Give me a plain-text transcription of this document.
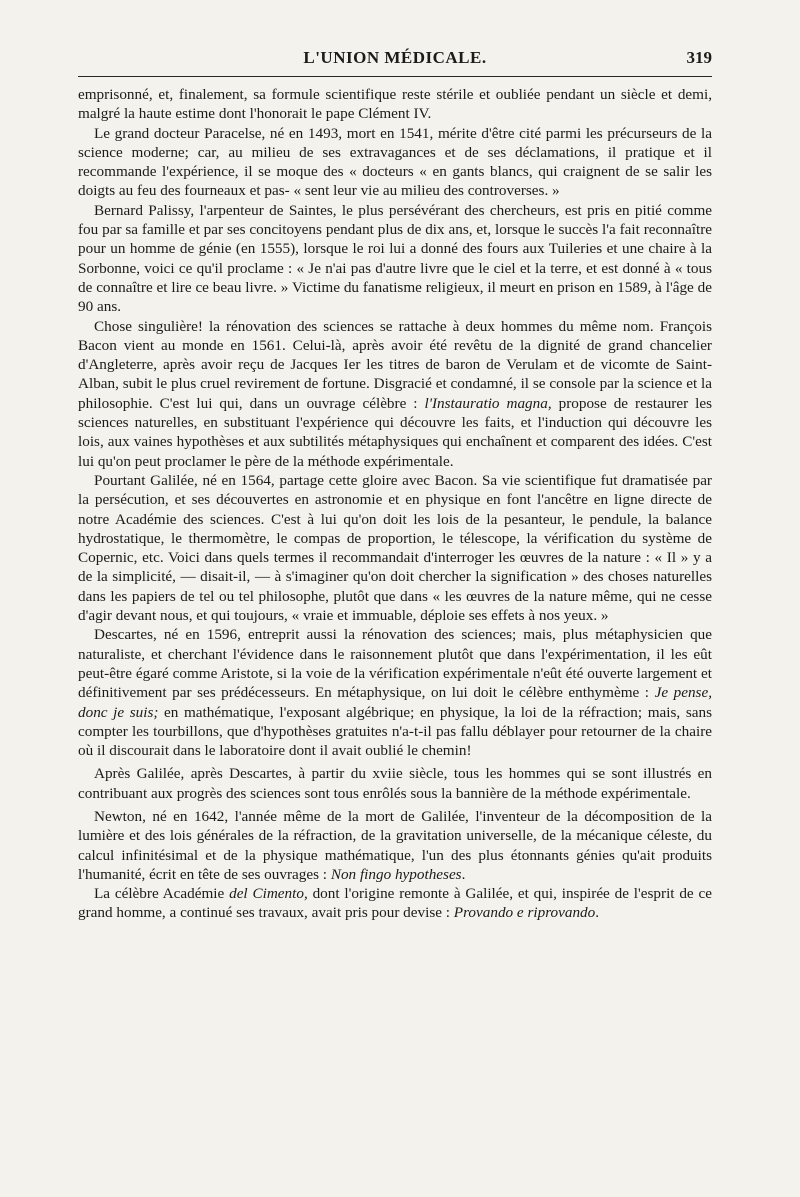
L'UNION MÉDICALE.	319

emprisonné, et, finalement, sa formule scientifique reste stérile et oubliée pendant un siècle et demi, malgré la haute estime dont l'honorait le pape Clément IV.

Le grand docteur Paracelse, né en 1493, mort en 1541, mérite d'être cité parmi les précurseurs de la science moderne; car, au milieu de ses extravagances et de ses déclamations, il pratique et il recommande l'expérience, il se moque des « docteurs « en gants blancs, qui craignent de se salir les doigts au feu des fourneaux et pas- « sent leur vie au milieu des controverses. »

Bernard Palissy, l'arpenteur de Saintes, le plus persévérant des chercheurs, est pris en pitié comme fou par sa famille et par ses concitoyens pendant plus de dix ans, et, lorsque le succès l'a fait reconnaître pour un homme de génie (en 1555), lorsque le roi lui a donné des fours aux Tuileries et une chaire à la Sorbonne, voici ce qu'il proclame : « Je n'ai pas d'autre livre que le ciel et la terre, et est donné à « tous de connaître et lire ce beau livre. » Victime du fanatisme religieux, il meurt en prison en 1589, à l'âge de 90 ans.

Chose singulière! la rénovation des sciences se rattache à deux hommes du même nom. François Bacon vient au monde en 1561. Celui-là, après avoir été revêtu de la dignité de grand chancelier d'Angleterre, après avoir reçu de Jacques Ier les titres de baron de Verulam et de vicomte de Saint-Alban, subit le plus cruel revirement de fortune. Disgracié et condamné, il se console par la science et la philosophie. C'est lui qui, dans un ouvrage célèbre : l'Instauratio magna, propose de restaurer les sciences naturelles, en substituant l'expérience qui découvre les faits, et l'induction qui découvre les lois, aux vaines hypothèses et aux subtilités métaphysiques qui enchaînent et comparent des idées. C'est lui qu'on peut proclamer le père de la méthode expérimentale.

Pourtant Galilée, né en 1564, partage cette gloire avec Bacon. Sa vie scientifique fut dramatisée par la persécution, et ses découvertes en astronomie et en physique en font l'ancêtre en ligne directe de notre Académie des sciences. C'est à lui qu'on doit les lois de la pesanteur, le pendule, la balance hydrostatique, le thermomètre, le compas de proportion, le télescope, la vérification du système de Copernic, etc. Voici dans quels termes il recommandait d'interroger les œuvres de la nature : « Il » y a de la simplicité, — disait-il, — à s'imaginer qu'on doit chercher la signification » des choses naturelles dans les papiers de tel ou tel philosophe, plutôt que dans « les œuvres de la nature même, qui ne cesse d'agir devant nous, et qui toujours, « vraie et immuable, déploie ses effets à nos yeux. »

Descartes, né en 1596, entreprit aussi la rénovation des sciences; mais, plus métaphysicien que naturaliste, et cherchant l'évidence dans le raisonnement plutôt que dans l'expérimentation, il les eût peut-être égaré comme Aristote, si la voie de la vérification expérimentale n'eût été ouverte largement et définitivement par ses prédécesseurs. En métaphysique, on lui doit le célèbre enthymème : Je pense, donc je suis; en mathématique, l'exposant algébrique; en physique, la loi de la réfraction; mais, sans compter les tourbillons, que d'hypothèses gratuites n'a-t-il pas fallu déblayer pour retourner de la chaire où il discourait dans le laboratoire dont il avait oublié le chemin!

Après Galilée, après Descartes, à partir du xviie siècle, tous les hommes qui se sont illustrés en contribuant aux progrès des sciences sont tous enrôlés sous la bannière de la méthode expérimentale.

Newton, né en 1642, l'année même de la mort de Galilée, l'inventeur de la décomposition de la lumière et des lois générales de la réfraction, de la gravitation universelle, de la mécanique céleste, du calcul infinitésimal et de la physique mathématique, l'un des plus étonnants génies qu'ait produits l'humanité, écrit en tête de ses ouvrages : Non fingo hypotheses.

La célèbre Académie del Cimento, dont l'origine remonte à Galilée, et qui, inspirée de l'esprit de ce grand homme, a continué ses travaux, avait pris pour devise : Provando e riprovando.
